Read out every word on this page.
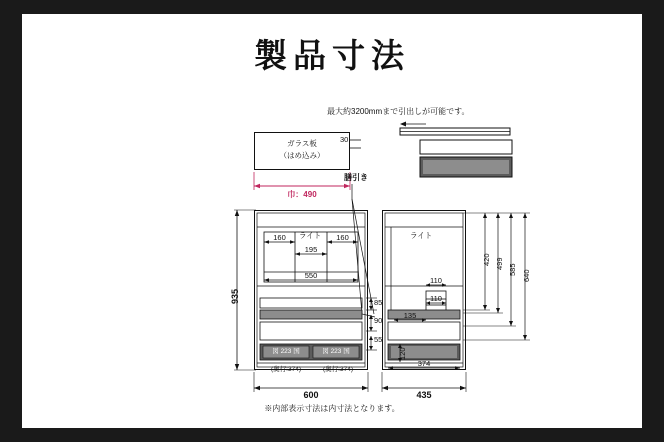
製品寸法
最大約3200mmまで引出しが可能です。
ガラス板
（はめ込み）
30
巾：490
膳引き
ライト
160
195
160
550
935	85
90
55
図 223 国	図 223 国
(奥行:374)	(奥行:374)
600
ライト
110
110
135
120
374
435
420 499 585 640
※内部表示寸法は内寸法となります。
